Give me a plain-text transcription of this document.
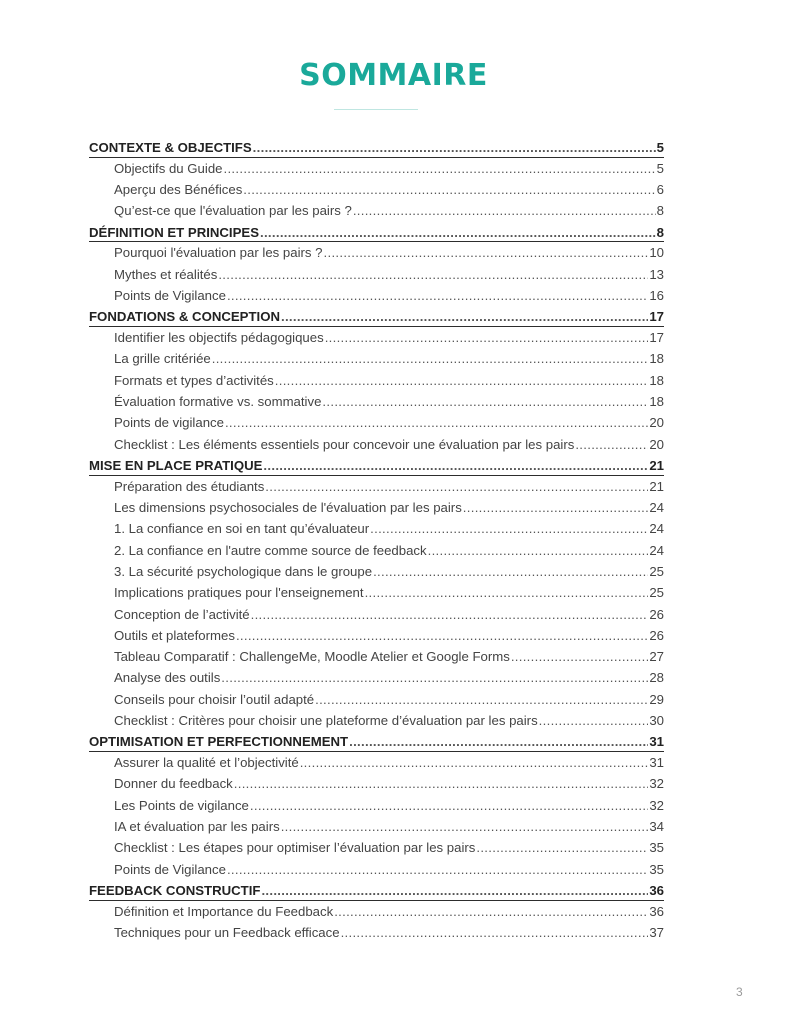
SOMMAIRE
CONTEXTE & OBJECTIFS .....	5
Objectifs du Guide .....	5
Aperçu des Bénéfices .....	6
Qu’est-ce que l'évaluation par les pairs ? .....	8
DÉFINITION ET PRINCIPES .....	8
Pourquoi l'évaluation par les pairs ? .....	10
Mythes et réalités .....	13
Points de Vigilance .....	16
FONDATIONS & CONCEPTION .....	17
Identifier les objectifs pédagogiques .....	17
La grille critériée .....	18
Formats et types d’activités .....	18
Évaluation formative vs. sommative .....	18
Points de vigilance .....	20
Checklist : Les éléments essentiels pour concevoir une évaluation par les pairs .....	20
MISE EN PLACE PRATIQUE .....	21
Préparation des étudiants .....	21
Les dimensions psychosociales de l'évaluation par les pairs .....	24
1. La confiance en soi en tant qu’évaluateur .....	24
2. La confiance en l'autre comme source de feedback .....	24
3. La sécurité psychologique dans le groupe .....	25
Implications pratiques pour l'enseignement .....	25
Conception de l’activité .....	26
Outils et plateformes .....	26
Tableau Comparatif : ChallengeMe, Moodle Atelier et Google Forms .....	27
Analyse des outils .....	28
Conseils pour choisir l’outil adapté .....	29
Checklist : Critères pour choisir une plateforme d’évaluation par les pairs .....	30
OPTIMISATION ET PERFECTIONNEMENT .....	31
Assurer la qualité et l’objectivité .....	31
Donner du feedback .....	32
Les Points de vigilance .....	32
IA et évaluation par les pairs .....	34
Checklist : Les étapes pour optimiser l’évaluation par les pairs .....	35
Points de Vigilance .....	35
FEEDBACK CONSTRUCTIF .....	36
Définition et Importance du Feedback .....	36
Techniques pour un Feedback efficace .....	37
3
